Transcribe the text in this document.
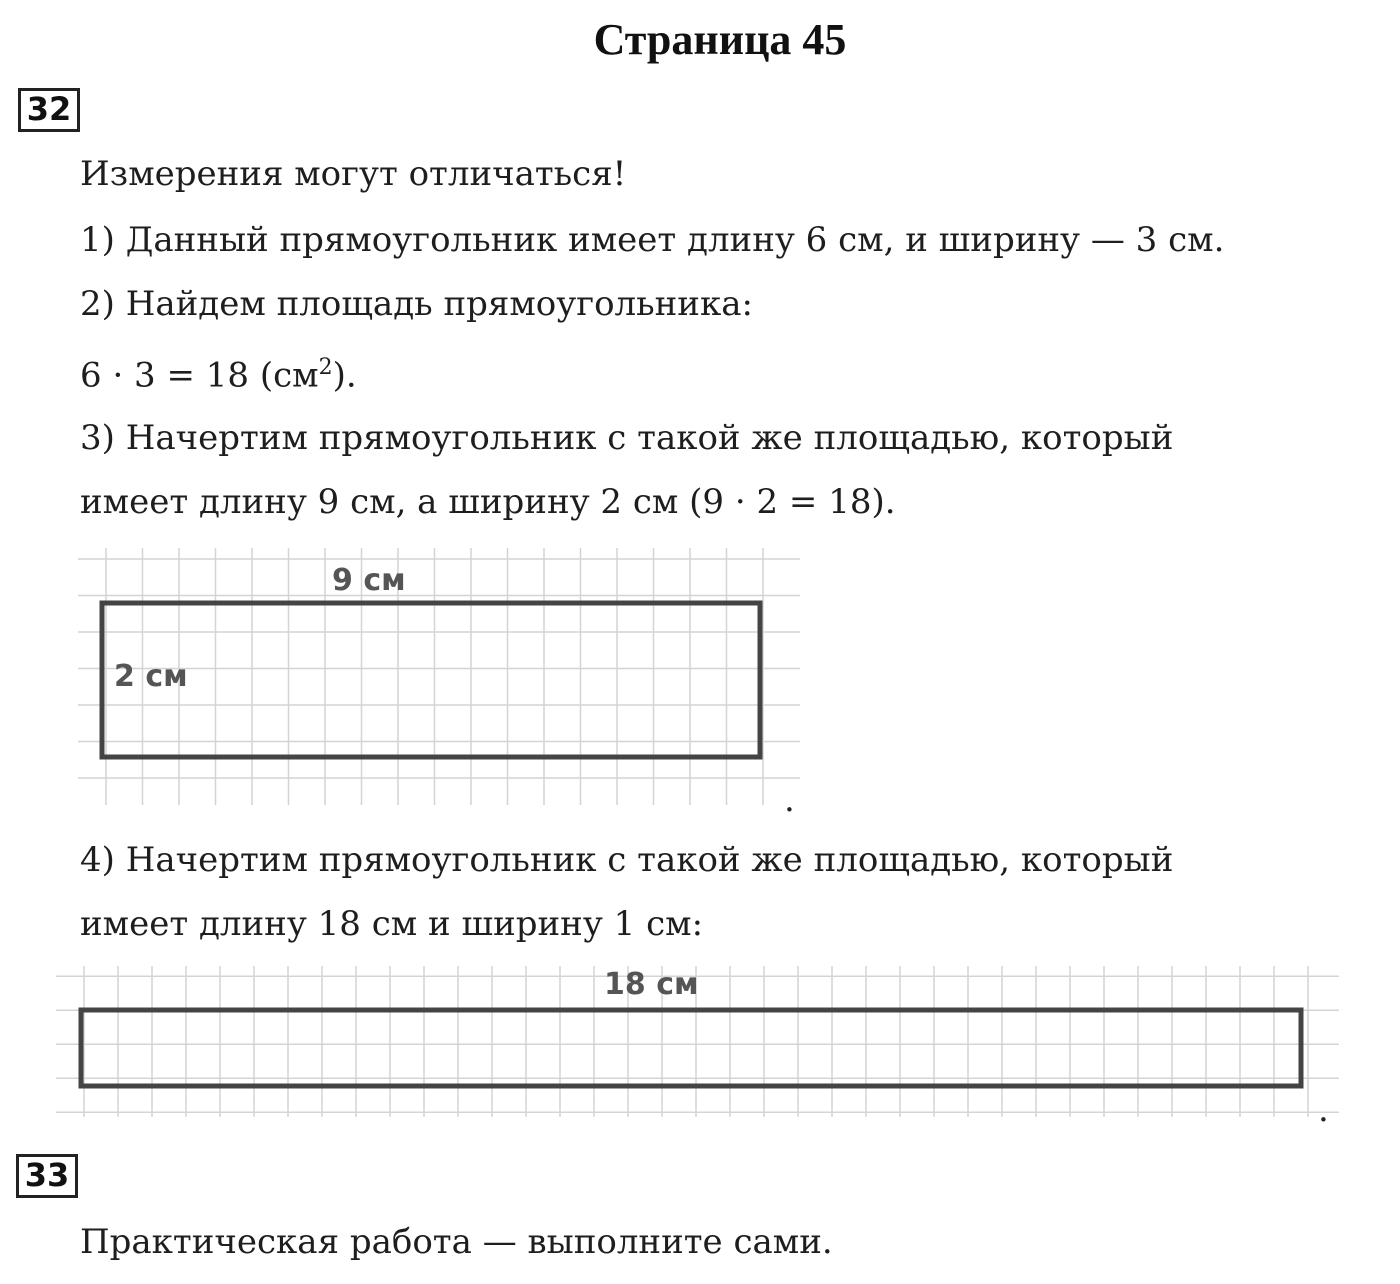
Страница 45
32
Измерения могут отличаться!
1) Данный прямоугольник имеет длину 6 см, и ширину — 3 см.
2) Найдем площадь прямоугольника:
6 · 3 = 18 $(см^2)$.
3) Начертим прямоугольник с такой же площадью, который
имеет длину 9 см, а ширину 2 см (9 · 2 = 18).
9 см
2 см
.
4) Начертим прямоугольник с такой же площадью, который
имеет длину 18 см и ширину 1 см:
18 см
.
33
Практическая работа — выполните сами.
